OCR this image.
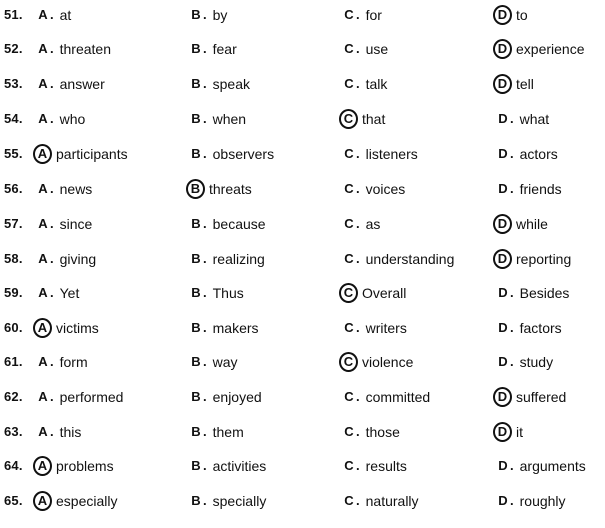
51. A . at	B . by	C . for	D to
52. A . threaten	B . fear	C . use	D experience
53. A . answer	B . speak	C . talk	D tell
54. A . who	B . when	C that	D . what
55. A participants	B . observers	C . listeners	D . actors
56. A . news	B threats	C . voices	D . friends
57. A . since	B . because	C . as	D while
58. A . giving	B . realizing	C . understanding	D reporting
59. A . Yet	B . Thus	C Overall	D . Besides
60. A victims	B . makers	C . writers	D . factors
61. A . form	B . way	C violence	D . study
62. A . performed	B . enjoyed	C . committed	D suffered
63. A . this	B . them	C . those	D it
64. A problems	B . activities	C . results	D . arguments
65. A especially	B . specially	C . naturally	D . roughly
